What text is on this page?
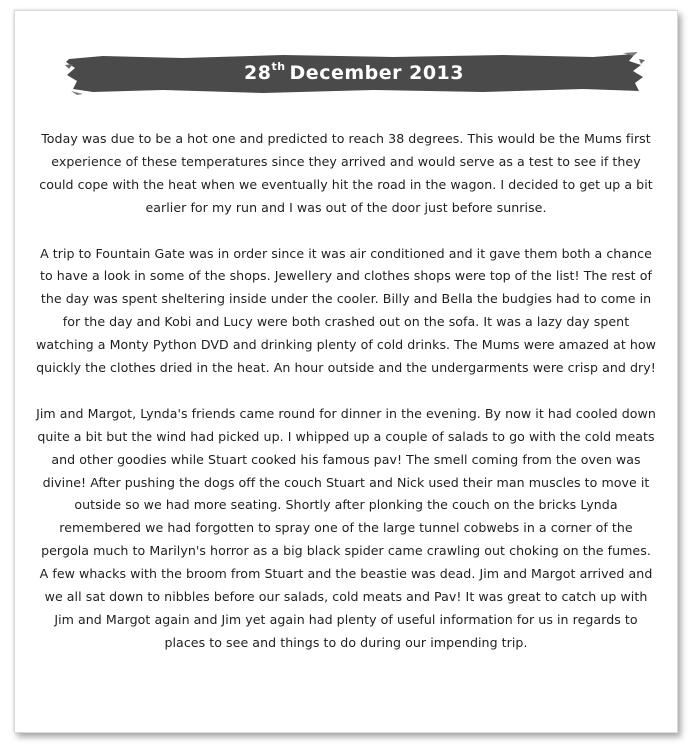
28th December 2013

Today was due to be a hot one and predicted to reach 38 degrees. This would be the Mums first experience of these temperatures since they arrived and would serve as a test to see if they could cope with the heat when we eventually hit the road in the wagon. I decided to get up a bit earlier for my run and I was out of the door just before sunrise.

A trip to Fountain Gate was in order since it was air conditioned and it gave them both a chance to have a look in some of the shops. Jewellery and clothes shops were top of the list! The rest of the day was spent sheltering inside under the cooler. Billy and Bella the budgies had to come in for the day and Kobi and Lucy were both crashed out on the sofa. It was a lazy day spent watching a Monty Python DVD and drinking plenty of cold drinks. The Mums were amazed at how quickly the clothes dried in the heat. An hour outside and the undergarments were crisp and dry!

Jim and Margot, Lynda's friends came round for dinner in the evening. By now it had cooled down quite a bit but the wind had picked up. I whipped up a couple of salads to go with the cold meats and other goodies while Stuart cooked his famous pav! The smell coming from the oven was divine! After pushing the dogs off the couch Stuart and Nick used their man muscles to move it outside so we had more seating. Shortly after plonking the couch on the bricks Lynda remembered we had forgotten to spray one of the large tunnel cobwebs in a corner of the pergola much to Marilyn's horror as a big black spider came crawling out choking on the fumes. A few whacks with the broom from Stuart and the beastie was dead. Jim and Margot arrived and we all sat down to nibbles before our salads, cold meats and Pav! It was great to catch up with Jim and Margot again and Jim yet again had plenty of useful information for us in regards to places to see and things to do during our impending trip.
